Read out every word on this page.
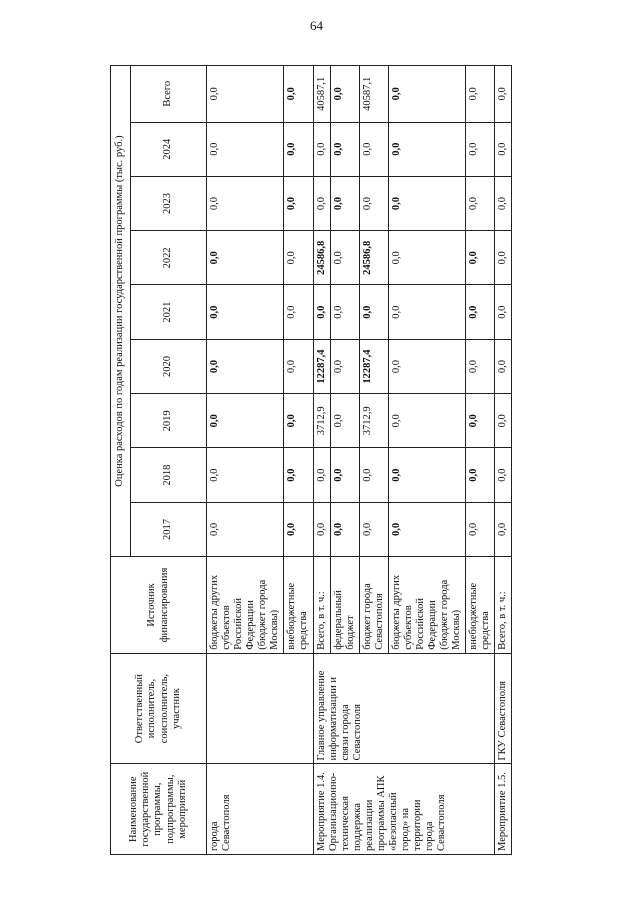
64
Наименование государственной программы, подпрограммы, мероприятий	Ответственный исполнитель, соисполнитель, участник	Источник финансирования	Оценка расходов по годам реализации государственной программы (тыс. руб.)								
			2017	2018	2019	2020	2021	2022	2023	2024	Всего
города Севастополя		бюджеты других субъектов Российской Федерации (бюджет города Москвы)	0,0	0,0	0,0	0,0	0,0	0,0	0,0	0,0	0,0
		внебюджетные средства	0,0	0,0	0,0	0,0	0,0	0,0	0,0	0,0	0,0
Мероприятие 1.4. Организационно-техническая поддержка реализации программы АПК «Безопасный город» на территории города Севастополя	Главное управление информатизации и связи города Севастополя	Всего, в т. ч.:	0,0	0,0	3712,9	12287,4	0,0	24586,8	0,0	0,0	40587,1
		федеральный бюджет	0,0	0,0	0,0	0,0	0,0	0,0	0,0	0,0	0,0
		бюджет города Севастополя	0,0	0,0	3712,9	12287,4	0,0	24586,8	0,0	0,0	40587,1
		бюджеты других субъектов Российской Федерации (бюджет города Москвы)	0,0	0,0	0,0	0,0	0,0	0,0	0,0	0,0	0,0
		внебюджетные средства	0,0	0,0	0,0	0,0	0,0	0,0	0,0	0,0	0,0
Мероприятие 1.5.	ГКУ Севастополя	Всего, в т. ч.:	0,0	0,0	0,0	0,0	0,0	0,0	0,0	0,0	0,0
